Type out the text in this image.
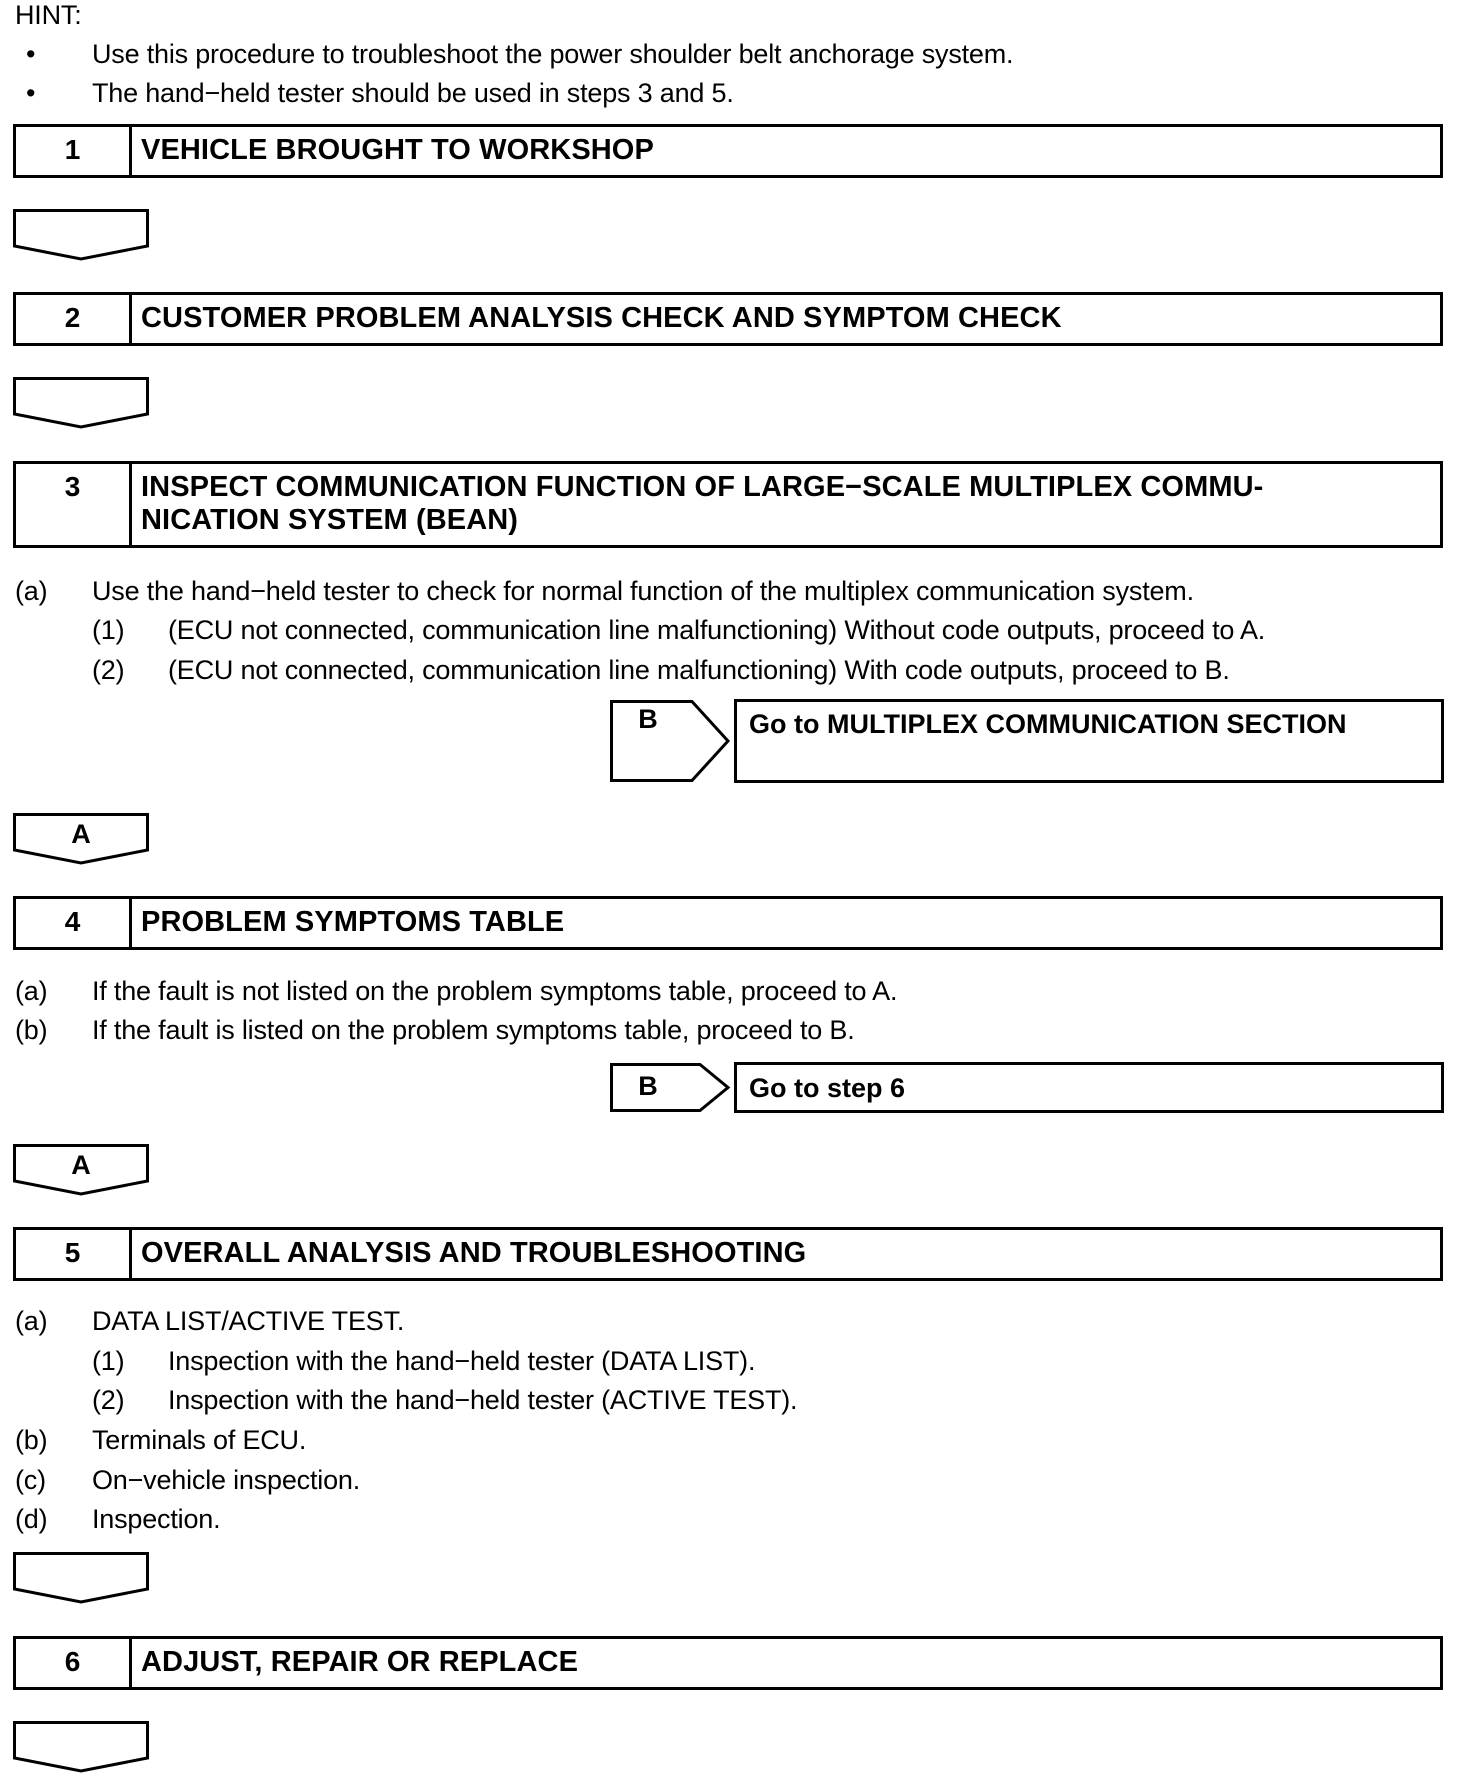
HINT:
• Use this procedure to troubleshoot the power shoulder belt anchorage system.
• The hand−held tester should be used in steps 3 and 5.
1	VEHICLE BROUGHT TO WORKSHOP
2	CUSTOMER PROBLEM ANALYSIS CHECK AND SYMPTOM CHECK
3	INSPECT COMMUNICATION FUNCTION OF LARGE−SCALE MULTIPLEX COMMU-
NICATION SYSTEM (BEAN)
(a) Use the hand−held tester to check for normal function of the multiplex communication system.
(1) (ECU not connected, communication line malfunctioning) Without code outputs, proceed to A.
(2) (ECU not connected, communication line malfunctioning) With code outputs, proceed to B.
B	Go to MULTIPLEX COMMUNICATION SECTION
A
4	PROBLEM SYMPTOMS TABLE
(a) If the fault is not listed on the problem symptoms table, proceed to A.
(b) If the fault is listed on the problem symptoms table, proceed to B.
B	Go to step 6
A
5	OVERALL ANALYSIS AND TROUBLESHOOTING
(a) DATA LIST/ACTIVE TEST.
(1) Inspection with the hand−held tester (DATA LIST).
(2) Inspection with the hand−held tester (ACTIVE TEST).
(b) Terminals of ECU.
(c) On−vehicle inspection.
(d) Inspection.
6	ADJUST, REPAIR OR REPLACE
